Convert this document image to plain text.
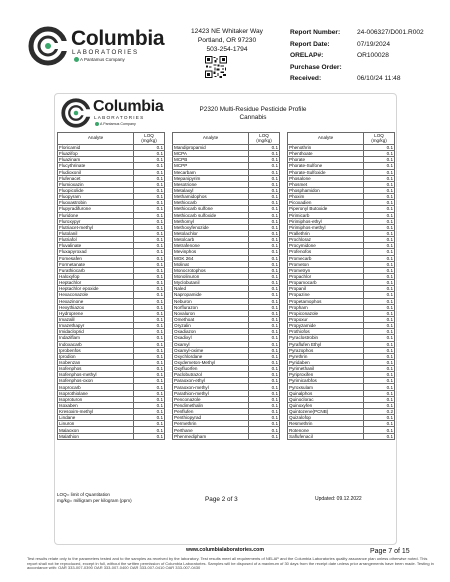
Columbia
LABORATORIES
A Pantamus Company
12423 NE Whitaker Way
Portland, OR 97230
503-254-1794
Report Number:	24-006327/D001.R002
Report Date:	07/19/2024
ORELAP#:	OR100028
Purchase Order:
Received:	06/10/24 11:48
Columbia
LABORATORIES
A Pantamus Company
P2320 Multi-Residue Pesticide Profile
Cannabis
Analyte	LOQ
(mg/kg)

Floricamid	0.1
Fluazifop	0.1
Fluazinam	0.1
Flucythrinate	0.1
Fludioxonil	0.1
Flufenacet	0.1
Flumioxazin	0.1
Fluopicolide	0.1
Fluopyram	0.1
Fluoxastrobin	0.1
Flupyradifurone	0.1
Fluridone	0.1
Fluroxypyr	0.1
Flutriacet-methyl	0.1
Flutolanil	0.1
Flutriafol	0.1
Fluvalinate	0.1
Fluxapyroxad	0.1
Fomesafen	0.1
Formetanate	0.1
Furathiocarb	0.1
Haloxyfop	0.1
Heptachlor	0.1
Heptachlor epoxide	0.1
Hexaconazole	0.1
Hexazinone	0.1
Hexythiazox	0.1
Hydroprene	0.1
Imazalil	0.1
Imazethapyr	0.1
Imidacloprid	0.1
Indaziflam	0.1
Indoxacarb	0.1
Iprobenfos	0.1
Iprodion	0.1
Isobenzan	0.1
Isofenphos	0.1
Isofenphos-methyl	0.1
Isofenphos-oxon	0.1
Isoprocarb	0.1
Isoprothiolane	0.1
Isoproturon	0.1
Isoxaben	0.1
Kresoxim-methyl	0.1
Lindane	0.1
Linuron	0.1
Malaoxon	0.1
Malathion	0.1
Analyte	LOQ
(mg/kg)

Mandipropamid	0.1
MCPA	0.1
MCPB	0.1
MCPP	0.1
Mecarbam	0.1
Mepanipyrim	0.1
Mesotrione	0.1
Metalaxyl	0.1
Methamidophos	0.1
Methiocarb	0.1
Methiocarb sulfone	0.1
Methiocarb sulfoxide	0.1
Methomyl	0.1
Methoxyfenozide	0.1
Metolachlor	0.1
Metolcarb	0.1
Metrafenone	0.1
Mevinphos	0.1
MGK 264	0.1
Molinat	0.1
Monocrotophos	0.1
Monolinuron	0.1
Myclobutanil	0.1
Naled	0.1
Napropamide	0.1
Neburon	0.1
Norflurazon	0.1
Novaluron	0.1
Omethoat	0.1
Oryzalin	0.1
Oxadiazon	0.1
Oxadixyl	0.1
Oxamyl	0.1
Oxamyl-oxime	0.1
Oxychlordane	0.1
Oxydemeton-Methyl	0.1
Oxyfluorfen	0.1
Paclobutrazol	0.1
Paraoxon-ethyl	0.1
Paraoxon-methyl	0.1
Parathion-methyl	0.1
Penconazole	0.1
Pendimethalin	0.1
Penflufen	0.1
Penthiopyrad	0.1
Permethrin	0.1
Perthane	0.1
Phenmedipham	0.1
Analyte	LOQ
(mg/kg)

Phenothrin	0.1
Phenthoate	0.1
Phorate	0.1
Phorate-Sulfone	0.1
Phorate-Sulfoxide	0.1
Phosalone	0.1
Phosmet	0.1
Phosphamidon	0.1
Phoxim	0.1
Picoxadien	0.1
Piperonyl Butoxide	0.1
Pirimicarb	0.1
Pirimiphos-ethyl	0.1
Pirimiphos-methyl	0.1
Prallethrin	0.1
Prochloraz	0.1
Procymidone	0.1
Profenofos	0.1
Promecarb	0.1
Prometon	0.1
Prometryn	0.1
Propachlor	0.1
Propamocarb	0.1
Propanil	0.1
Propazine	0.1
Propetamophos	0.1
Propham	0.1
Propiconazole	0.1
Propoxur	0.1
Propyzamide	0.1
Prothiofos	0.1
Pyraclostrobin	0.1
Pyraflufen Ethyl	0.1
Pyrazophos	0.1
Pyrethrin	0.1
Pyridaben	0.1
Pyrimethanil	0.1
Pyriproxifen	0.1
Pyrimicarbfos	0.1
Pyroxsulam	0.1
Quinalphos	0.1
Quinoclorac	0.1
Quinoxyfen	0.1
Quintozene(PCNB)	0.2
Quizalofop	0.1
Resmethrin	0.1
Rotenone	0.1
Saflufenacil	0.1
LOQ= limit of Quantitation
mg/kg= milligram per kilogram (ppm)	Page 2 of 3	Updated: 09.12.2022
www.columbialaboratories.com	Page 7 of 15
Test results relate only to the parameters tested and to the samples as received by the laboratory. Test results meet all requirements of NELAP and the Columbia Laboratories quality assurance plan unless otherwise noted. This report shall not be reproduced, except in full, without the written permission of Columbia Laboratories. Samples will be disposed of a maximum of 30 days from the receipt date unless prior arrangements have been made. Testing in accordance with: OAR 333-007-0390 OAR 333-007-0400 OAR 333-007-0410 OAR 333-007-0430
